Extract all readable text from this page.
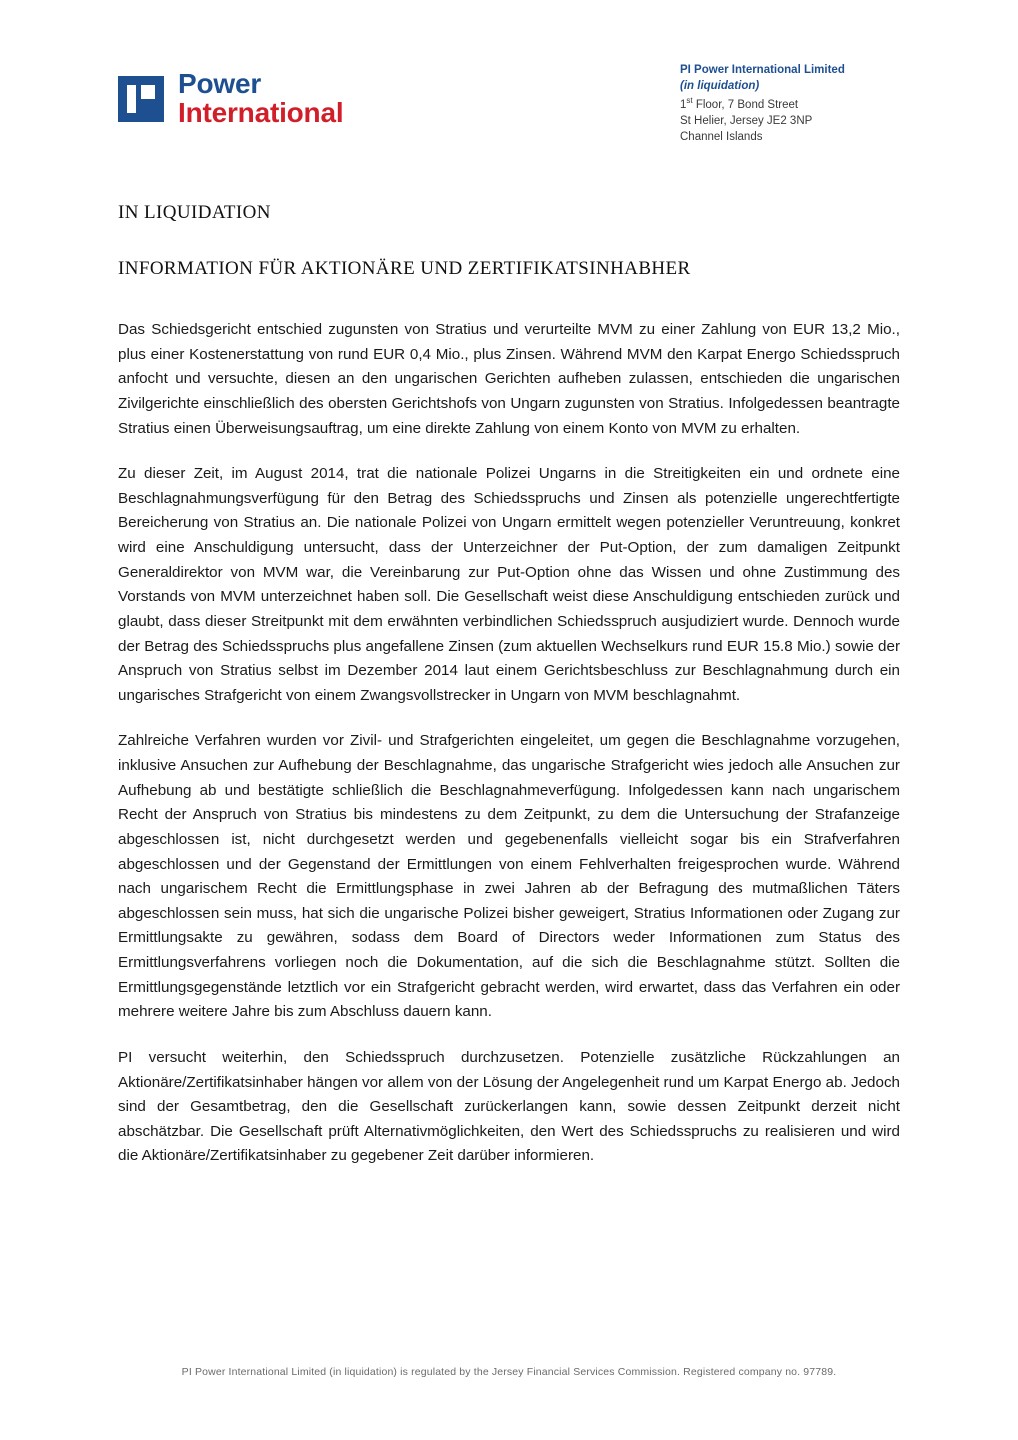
Power
International
PI Power International Limited
(in liquidation)
1st Floor, 7 Bond Street
St Helier, Jersey JE2 3NP
Channel Islands
IN LIQUIDATION
INFORMATION FÜR AKTIONÄRE UND ZERTIFIKATSINHABHER

Das Schiedsgericht entschied zugunsten von Stratius und verurteilte MVM zu einer Zahlung von EUR 13,2 Mio., plus einer Kostenerstattung von rund EUR 0,4 Mio., plus Zinsen. Während MVM den Karpat Energo Schiedsspruch anfocht und versuchte, diesen an den ungarischen Gerichten aufheben zulassen, entschieden die ungarischen Zivilgerichte einschließlich des obersten Gerichtshofs von Ungarn zugunsten von Stratius. Infolgedessen beantragte Stratius einen Überweisungsauftrag, um eine direkte Zahlung von einem Konto von MVM zu erhalten.

Zu dieser Zeit, im August 2014, trat die nationale Polizei Ungarns in die Streitigkeiten ein und ordnete eine Beschlagnahmungsverfügung für den Betrag des Schiedsspruchs und Zinsen als potenzielle ungerechtfertigte Bereicherung von Stratius an. Die nationale Polizei von Ungarn ermittelt wegen potenzieller Veruntreuung, konkret wird eine Anschuldigung untersucht, dass der Unterzeichner der Put-Option, der zum damaligen Zeitpunkt Generaldirektor von MVM war, die Vereinbarung zur Put-Option ohne das Wissen und ohne Zustimmung des Vorstands von MVM unterzeichnet haben soll. Die Gesellschaft weist diese Anschuldigung entschieden zurück und glaubt, dass dieser Streitpunkt mit dem erwähnten verbindlichen Schiedsspruch ausjudiziert wurde. Dennoch wurde der Betrag des Schiedsspruchs plus angefallene Zinsen (zum aktuellen Wechselkurs rund EUR 15.8 Mio.) sowie der Anspruch von Stratius selbst im Dezember 2014 laut einem Gerichtsbeschluss zur Beschlagnahmung durch ein ungarisches Strafgericht von einem Zwangsvollstrecker in Ungarn von MVM beschlagnahmt.

Zahlreiche Verfahren wurden vor Zivil- und Strafgerichten eingeleitet, um gegen die Beschlagnahme vorzugehen, inklusive Ansuchen zur Aufhebung der Beschlagnahme, das ungarische Strafgericht wies jedoch alle Ansuchen zur Aufhebung ab und bestätigte schließlich die Beschlagnahmeverfügung. Infolgedessen kann nach ungarischem Recht der Anspruch von Stratius bis mindestens zu dem Zeitpunkt, zu dem die Untersuchung der Strafanzeige abgeschlossen ist, nicht durchgesetzt werden und gegebenenfalls vielleicht sogar bis ein Strafverfahren abgeschlossen und der Gegenstand der Ermittlungen von einem Fehlverhalten freigesprochen wurde. Während nach ungarischem Recht die Ermittlungsphase in zwei Jahren ab der Befragung des mutmaßlichen Täters abgeschlossen sein muss, hat sich die ungarische Polizei bisher geweigert, Stratius Informationen oder Zugang zur Ermittlungsakte zu gewähren, sodass dem Board of Directors weder Informationen zum Status des Ermittlungsverfahrens vorliegen noch die Dokumentation, auf die sich die Beschlagnahme stützt. Sollten die Ermittlungsgegenstände letztlich vor ein Strafgericht gebracht werden, wird erwartet, dass das Verfahren ein oder mehrere weitere Jahre bis zum Abschluss dauern kann.

PI versucht weiterhin, den Schiedsspruch durchzusetzen. Potenzielle zusätzliche Rückzahlungen an Aktionäre/Zertifikatsinhaber hängen vor allem von der Lösung der Angelegenheit rund um Karpat Energo ab. Jedoch sind der Gesamtbetrag, den die Gesellschaft zurückerlangen kann, sowie dessen Zeitpunkt derzeit nicht abschätzbar. Die Gesellschaft prüft Alternativmöglichkeiten, den Wert des Schiedsspruchs zu realisieren und wird die Aktionäre/Zertifikatsinhaber zu gegebener Zeit darüber informieren.

PI Power International Limited (in liquidation) is regulated by the Jersey Financial Services Commission. Registered company no. 97789.
